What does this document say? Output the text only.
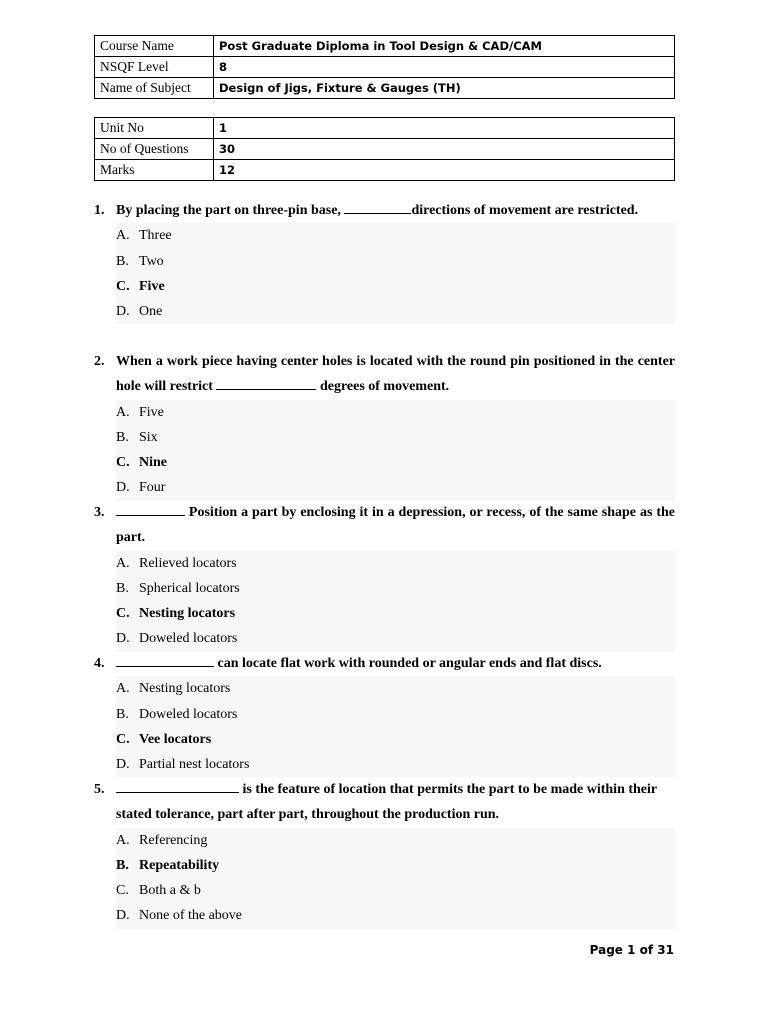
Course Name	Post Graduate Diploma in Tool Design & CAD/CAM
NSQF Level	8
Name of Subject	Design of Jigs, Fixture & Gauges (TH)
Unit No	1
No of Questions	30
Marks	12
1. By placing the part on three-pin base,	directions of movement are restricted.
A. Three
B. Two
C. Five
D. One
2. When a work piece having center holes is located with the round pin positioned in the center hole will restrict	degrees of movement.
A. Five
B. Six
C. Nine
D. Four
3.	Position a part by enclosing it in a depression, or recess, of the same shape as the part.
A. Relieved locators
B. Spherical locators
C. Nesting locators
D. Doweled locators
4.	can locate flat work with rounded or angular ends and flat discs.
A. Nesting locators
B. Doweled locators
C. Vee locators
D. Partial nest locators
5.	is the feature of location that permits the part to be made within their stated tolerance, part after part, throughout the production run.
A. Referencing
B. Repeatability
C. Both a & b
D. None of the above
Page 1 of 31
